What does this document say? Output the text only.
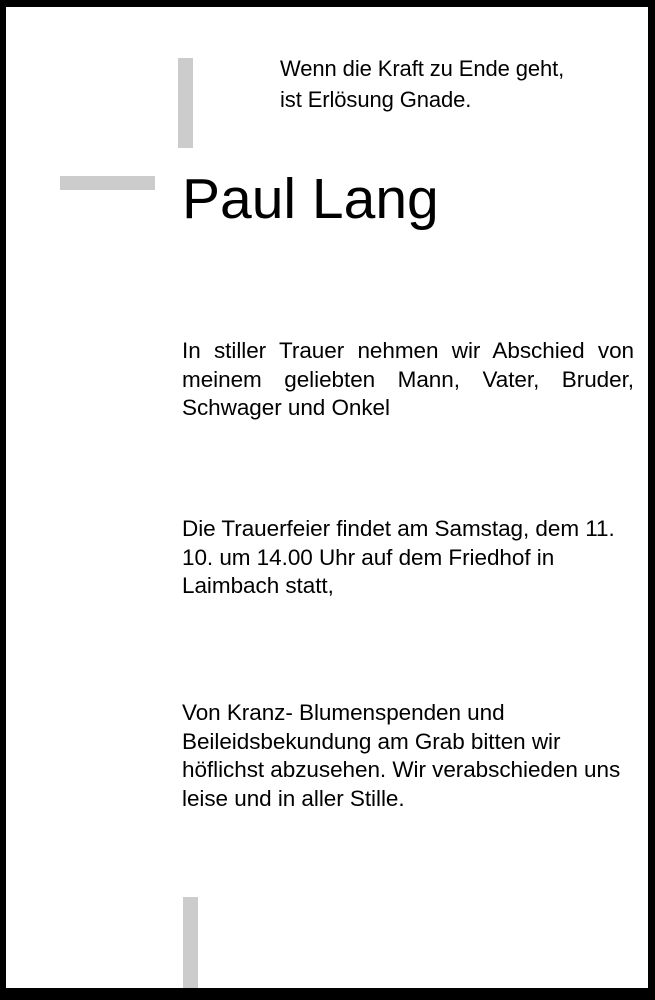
Wenn die Kraft zu Ende geht,
ist Erlösung Gnade.
Paul Lang

In stiller Trauer nehmen wir Abschied von meinem geliebten Mann, Vater, Bruder, Schwager und Onkel

Die Trauerfeier findet am Samstag, dem 11. 10. um 14.00 Uhr auf dem Friedhof in Laimbach statt,

Von Kranz- Blumenspenden und Beileidsbekundung am Grab bitten wir höflichst abzusehen. Wir verabschieden uns leise und in aller Stille.
